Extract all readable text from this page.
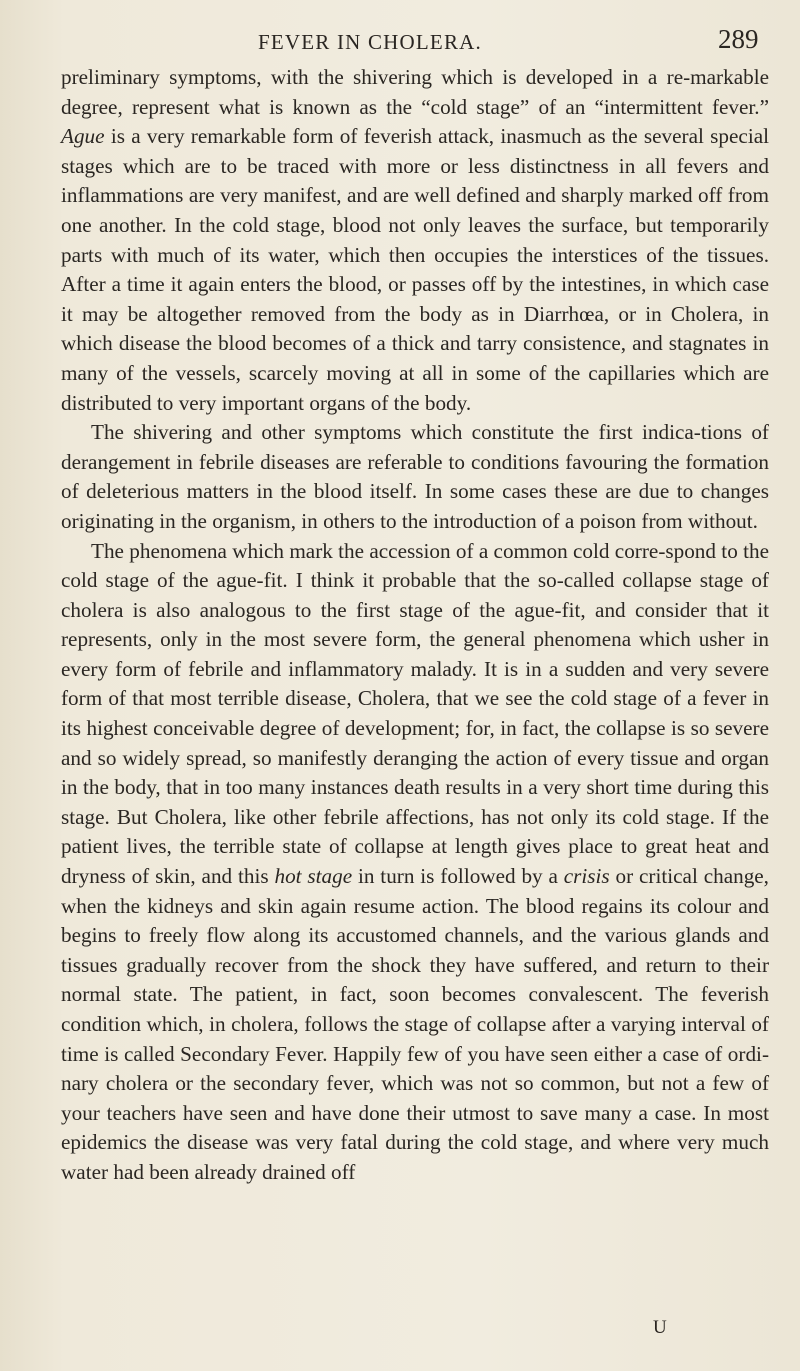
FEVER IN CHOLERA.	289

preliminary symptoms, with the shivering which is developed in a re-markable degree, represent what is known as the “cold stage” of an “intermittent fever.” Ague is a very remarkable form of feverish attack, inasmuch as the several special stages which are to be traced with more or less distinctness in all fevers and inflammations are very manifest, and are well defined and sharply marked off from one another. In the cold stage, blood not only leaves the surface, but temporarily parts with much of its water, which then occupies the interstices of the tissues. After a time it again enters the blood, or passes off by the intestines, in which case it may be altogether removed from the body as in Diarrhœa, or in Cholera, in which disease the blood becomes of a thick and tarry consistence, and stagnates in many of the vessels, scarcely moving at all in some of the capillaries which are distributed to very important organs of the body.

The shivering and other symptoms which constitute the first indica-tions of derangement in febrile diseases are referable to conditions favouring the formation of deleterious matters in the blood itself. In some cases these are due to changes originating in the organism, in others to the introduction of a poison from without.

The phenomena which mark the accession of a common cold corre-spond to the cold stage of the ague-fit. I think it probable that the so-called collapse stage of cholera is also analogous to the first stage of the ague-fit, and consider that it represents, only in the most severe form, the general phenomena which usher in every form of febrile and inflammatory malady. It is in a sudden and very severe form of that most terrible disease, Cholera, that we see the cold stage of a fever in its highest conceivable degree of development; for, in fact, the collapse is so severe and so widely spread, so manifestly deranging the action of every tissue and organ in the body, that in too many instances death results in a very short time during this stage. But Cholera, like other febrile affections, has not only its cold stage. If the patient lives, the terrible state of collapse at length gives place to great heat and dryness of skin, and this hot stage in turn is followed by a crisis or critical change, when the kidneys and skin again resume action. The blood regains its colour and begins to freely flow along its accustomed channels, and the various glands and tissues gradually recover from the shock they have suffered, and return to their normal state. The patient, in fact, soon becomes convalescent. The feverish condition which, in cholera, follows the stage of collapse after a varying interval of time is called Secondary Fever. Happily few of you have seen either a case of ordi-nary cholera or the secondary fever, which was not so common, but not a few of your teachers have seen and have done their utmost to save many a case. In most epidemics the disease was very fatal during the cold stage, and where very much water had been already drained off

U
